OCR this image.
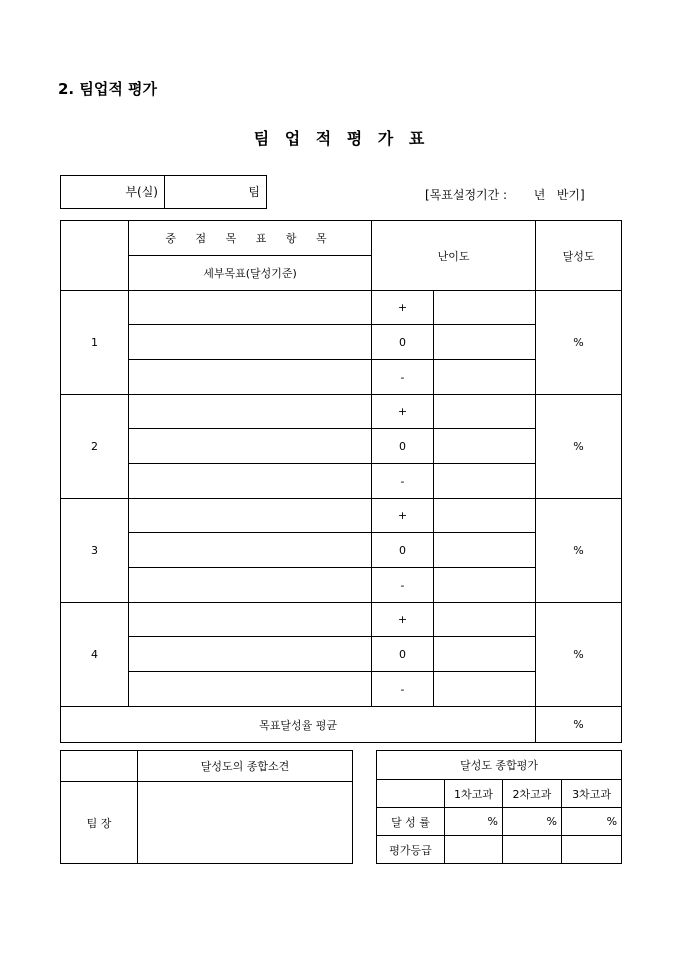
2. 팀업적 평가
팀 업 적 평 가 표
부(실)	팀	[목표설정기간 :       년   반기]
	중 점 목 표 항 목	난이도		달성도
	세부목표(달성기준)			
1		+		%
		0		
		-		
2		+		%
		0		
		-		
3		+		%
		0		
		-		
4		+		%
		0		
		-		
목표달성율 평균				%
	달성도의 종합소견
팀 장	
달성도 종합평가			
	1차고과	2차고과	3차고과
달 성 률	%	%	%
평가등급			
